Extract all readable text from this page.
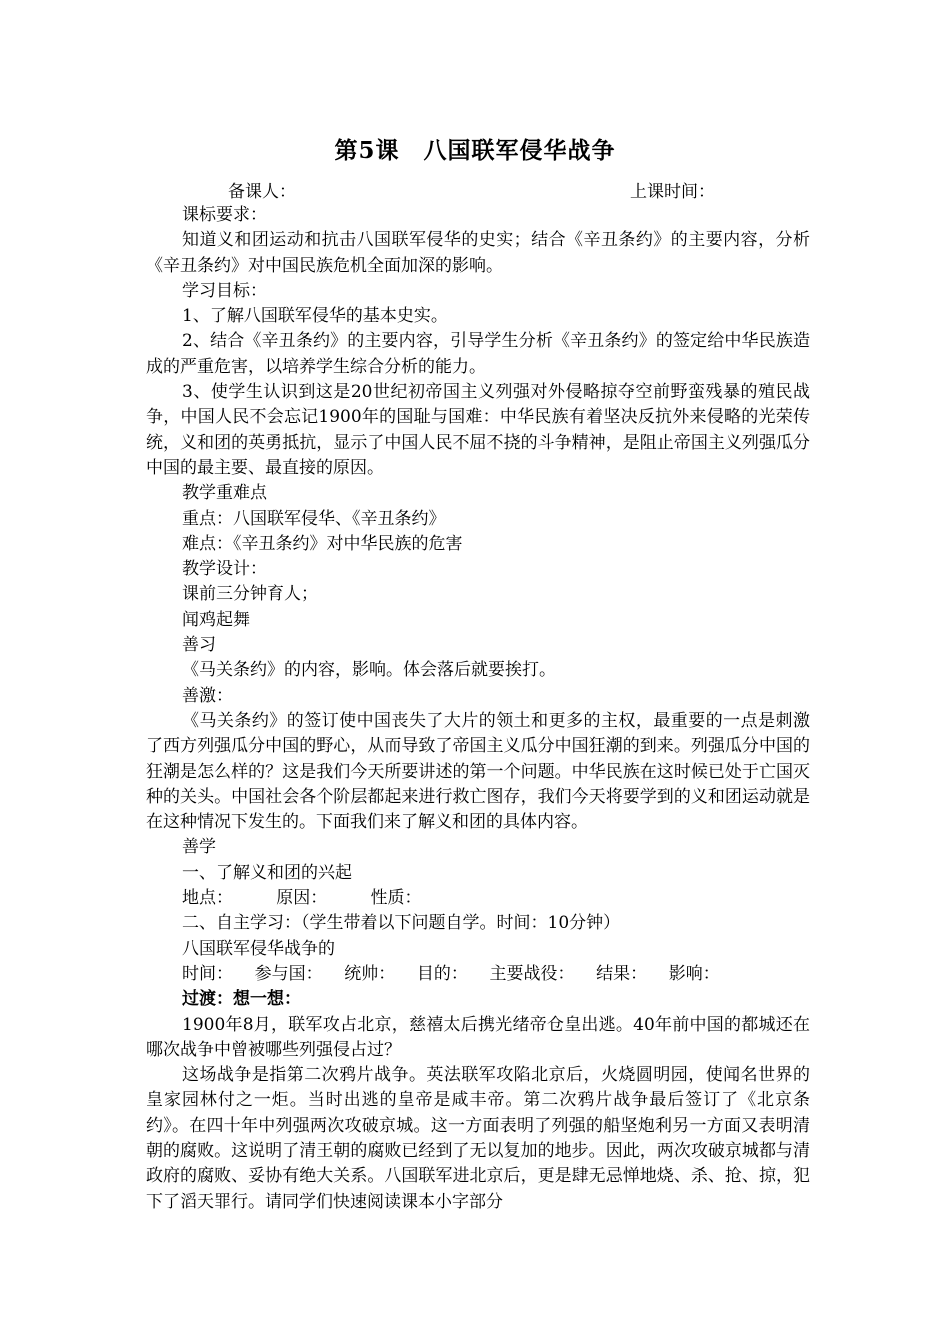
第5课 八国联军侵华战争
备课人：	上课时间：

课标要求：

知道义和团运动和抗击八国联军侵华的史实；结合《辛丑条约》的主要内容，分析《辛丑条约》对中国民族危机全面加深的影响。

学习目标：

1、了解八国联军侵华的基本史实。

2、结合《辛丑条约》的主要内容，引导学生分析《辛丑条约》的签定给中华民族造成的严重危害，以培养学生综合分析的能力。

3、使学生认识到这是20世纪初帝国主义列强对外侵略掠夺空前野蛮残暴的殖民战争，中国人民不会忘记1900年的国耻与国难：中华民族有着坚决反抗外来侵略的光荣传统，义和团的英勇抵抗，显示了中国人民不屈不挠的斗争精神，是阻止帝国主义列强瓜分中国的最主要、最直接的原因。

教学重难点

重点：八国联军侵华、《辛丑条约》

难点：《辛丑条约》对中华民族的危害

教学设计：

课前三分钟育人；

闻鸡起舞

善习

《马关条约》的内容，影响。体会落后就要挨打。

善激：

《马关条约》的签订使中国丧失了大片的领土和更多的主权，最重要的一点是刺激了西方列强瓜分中国的野心，从而导致了帝国主义瓜分中国狂潮的到来。列强瓜分中国的狂潮是怎么样的？这是我们今天所要讲述的第一个问题。中华民族在这时候已处于亡国灭种的关头。中国社会各个阶层都起来进行救亡图存，我们今天将要学到的义和团运动就是在这种情况下发生的。下面我们来了解义和团的具体内容。

善学

一、了解义和团的兴起

地点：        原因：        性质：

二、自主学习：（学生带着以下问题自学。时间：10分钟）

八国联军侵华战争的

时间：    参与国：    统帅：    目的：    主要战役：    结果：    影响：

过渡：想一想：

1900年8月，联军攻占北京，慈禧太后携光绪帝仓皇出逃。40年前中国的都城还在哪次战争中曾被哪些列强侵占过？

这场战争是指第二次鸦片战争。英法联军攻陷北京后，火烧圆明园，使闻名世界的皇家园林付之一炬。当时出逃的皇帝是咸丰帝。第二次鸦片战争最后签订了《北京条约》。在四十年中列强两次攻破京城。这一方面表明了列强的船坚炮利另一方面又表明清朝的腐败。这说明了清王朝的腐败已经到了无以复加的地步。因此，两次攻破京城都与清政府的腐败、妥协有绝大关系。八国联军进北京后，更是肆无忌惮地烧、杀、抢、掠，犯下了滔天罪行。请同学们快速阅读课本小字部分
